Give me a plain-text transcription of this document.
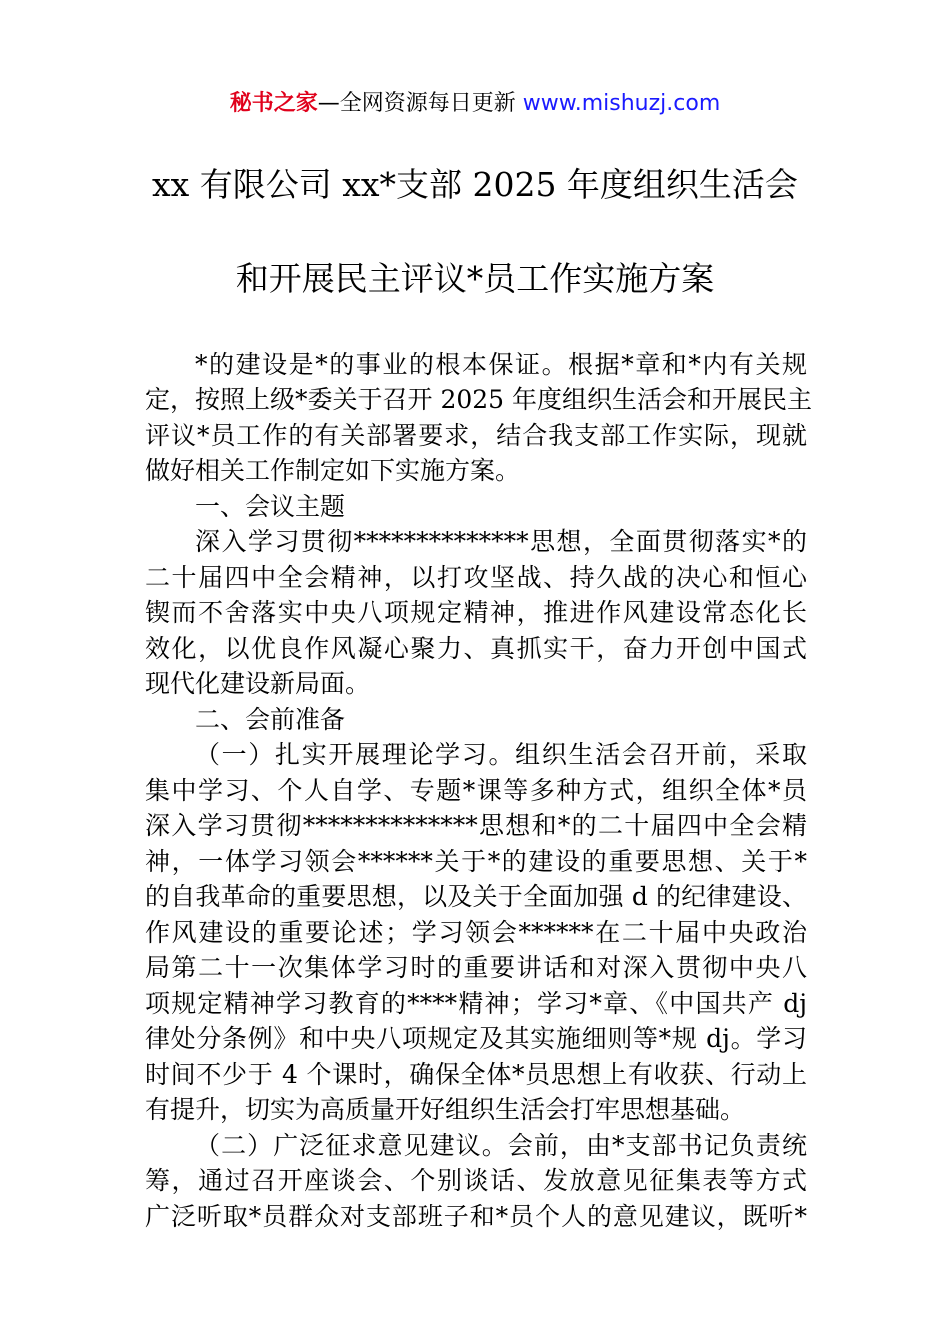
秘书之家—全网资源每日更新 www.mishuzj.com
xx 有限公司 xx*支部 2025 年度组织生活会
和开展民主评议*员工作实施方案
*的建设是*的事业的根本保证。根据*章和*内有关规
定，按照上级*委关于召开 2025 年度组织生活会和开展民主
评议*员工作的有关部署要求，结合我支部工作实际，现就
做好相关工作制定如下实施方案。
一、会议主题
深入学习贯彻**************思想，全面贯彻落实*的
二十届四中全会精神，以打攻坚战、持久战的决心和恒心
锲而不舍落实中央八项规定精神，推进作风建设常态化长
效化，以优良作风凝心聚力、真抓实干，奋力开创中国式
现代化建设新局面。
二、会前准备
（一）扎实开展理论学习。组织生活会召开前，采取
集中学习、个人自学、专题*课等多种方式，组织全体*员
深入学习贯彻**************思想和*的二十届四中全会精
神，一体学习领会******关于*的建设的重要思想、关于*
的自我革命的重要思想，以及关于全面加强 d 的纪律建设、
作风建设的重要论述；学习领会******在二十届中央政治
局第二十一次集体学习时的重要讲话和对深入贯彻中央八
项规定精神学习教育的****精神；学习*章、《中国共产 dj
律处分条例》和中央八项规定及其实施细则等*规 dj。学习
时间不少于 4 个课时，确保全体*员思想上有收获、行动上
有提升，切实为高质量开好组织生活会打牢思想基础。
（二）广泛征求意见建议。会前，由*支部书记负责统
筹，通过召开座谈会、个别谈话、发放意见征集表等方式
广泛听取*员群众对支部班子和*员个人的意见建议，既听*
